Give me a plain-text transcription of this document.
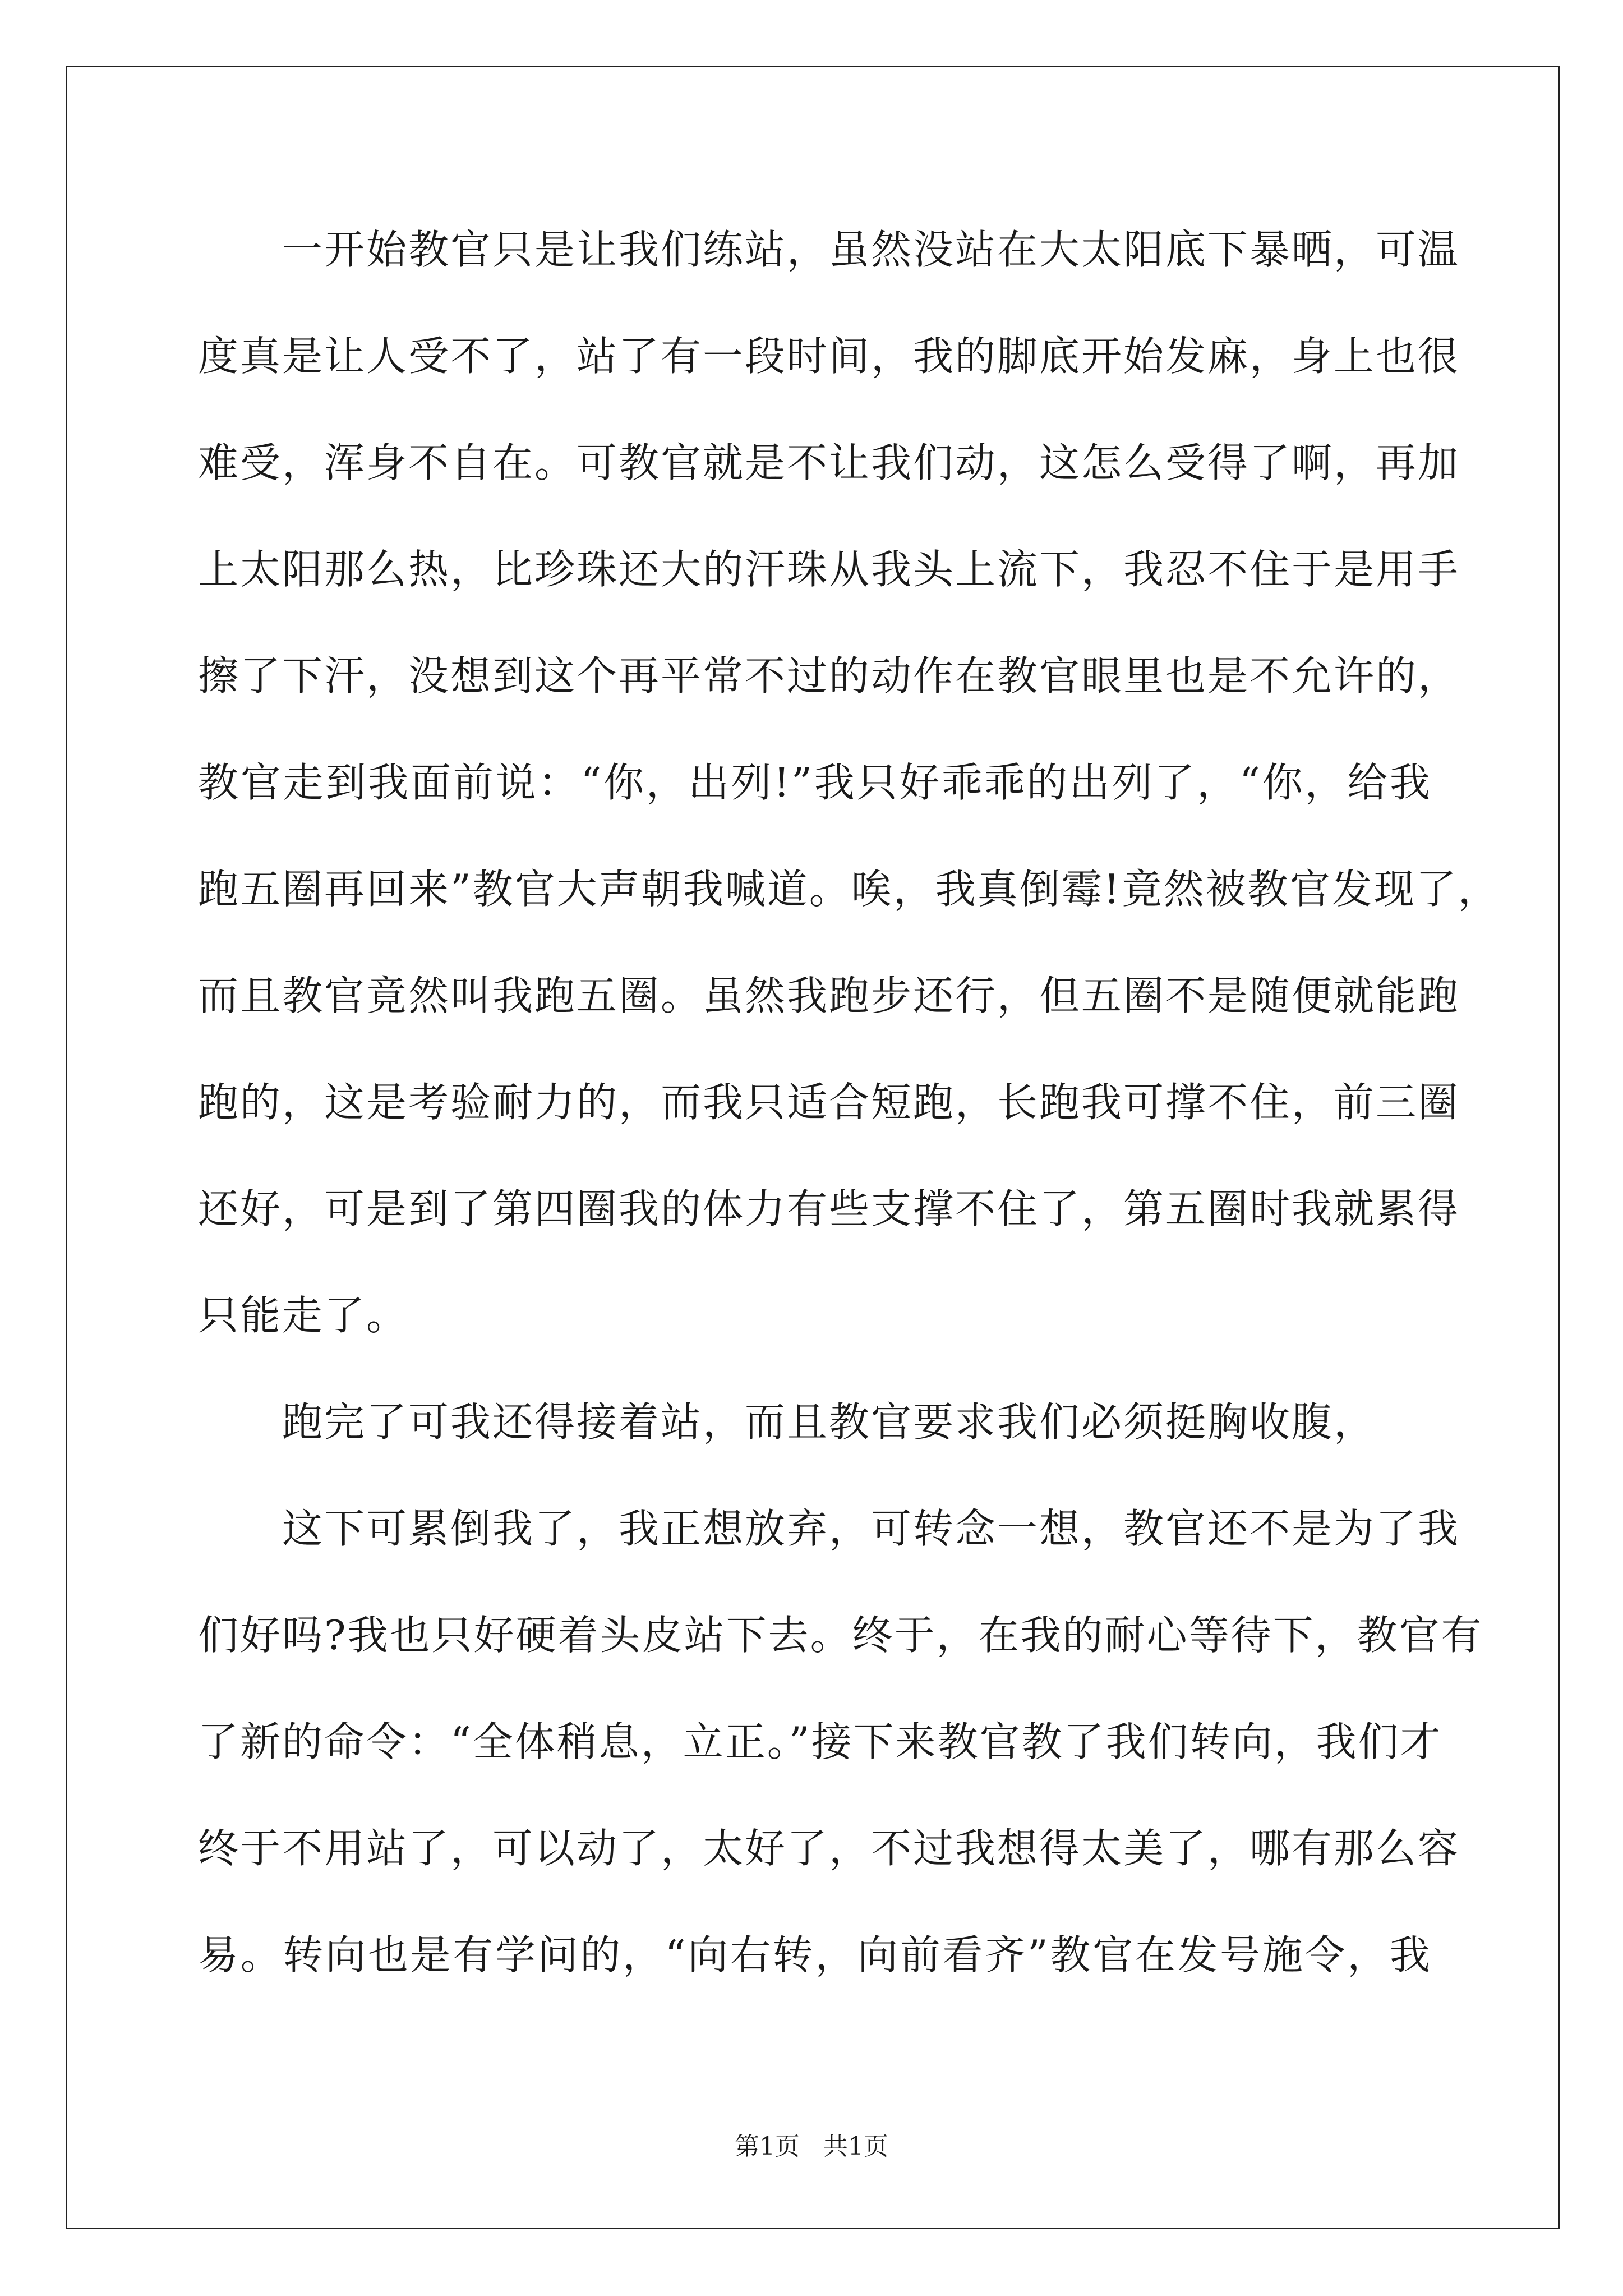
一开始教官只是让我们练站，虽然没站在大太阳底下暴晒，可温
度真是让人受不了，站了有一段时间，我的脚底开始发麻，身上也很
难受，浑身不自在。可教官就是不让我们动，这怎么受得了啊，再加
上太阳那么热，比珍珠还大的汗珠从我头上流下，我忍不住于是用手
擦了下汗，没想到这个再平常不过的动作在教官眼里也是不允许的，
教官走到我面前说：“你，出列!”我只好乖乖的出列了，“你，给我
跑五圈再回来”教官大声朝我喊道。唉，我真倒霉!竟然被教官发现了，
而且教官竟然叫我跑五圈。虽然我跑步还行，但五圈不是随便就能跑
跑的，这是考验耐力的，而我只适合短跑，长跑我可撑不住，前三圈
还好，可是到了第四圈我的体力有些支撑不住了，第五圈时我就累得
只能走了。
跑完了可我还得接着站，而且教官要求我们必须挺胸收腹，
这下可累倒我了，我正想放弃，可转念一想，教官还不是为了我
们好吗?我也只好硬着头皮站下去。终于，在我的耐心等待下，教官有
了新的命令：“全体稍息，立正。”接下来教官教了我们转向，我们才
终于不用站了，可以动了，太好了，不过我想得太美了，哪有那么容
易。转向也是有学问的，“向右转，向前看齐”教官在发号施令，我
第1页 共1页
